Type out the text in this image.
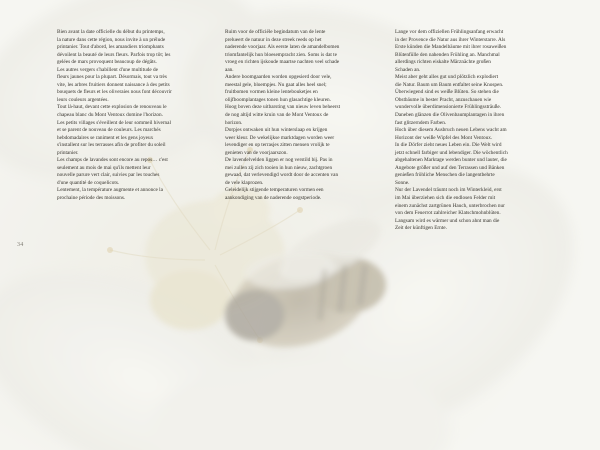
34

Bien avant la date officielle du début du printemps,

la nature dans cette région, nous invite à un prélude

printanier. Tout d'abord, les amandiers triomphants

dévoilent la beauté de leurs fleurs. Parfois trop tôt; les

gelées de mars provoquent beaucoup de dégâts.

Les autres vergers s'habillent d'une multitude de

fleurs jaunes pour la plupart. Désormais, tout va très

vite, les arbres fruitiers donnent naissance à des petits

bouquets de fleurs et les oliveraies nous font découvrir

leurs couleurs argentées.

Tout là-haut, devant cette explosion de renouveau le

chapeau blanc du Mont Ventoux domine l'horizon.

Les petits villages s'éveillent de leur sommeil hivernal

et se parent de nouveau de couleurs. Les marchés

hebdomadaires se raniment et les gens joyeux

s'installent sur les terrasses afin de profiter du soleil

printanier.

Les champs de lavandes sont encore au repos… c'est

seulement au mois de mai qu'ils mettent leur

nouvelle parure vert clair, suivies par les touches

d'une quantité de coquelicots.

Lentement, la température augmente et annonce la

prochaine période des moissons.

Ruim voor de officiële begindatum van de lente

prelueert de natuur in deze streek reeds op het

naderende voorjaar. Als eerste laten de amandelbomen

triomfantelijk hun bloesempracht zien. Soms is dat te

vroeg en richten ijskoude maartse nachten veel schade

aan.

Andere boomgaarden worden opgesierd door vele,

meestal gele, bloempjes. Nu gaat alles heel snel;

fruitbomen vormen kleine lentebouketjes en

olijfboomplantages tonen hun glasachtige kleuren.

Hoog boven deze uitbarsting van nieuw leven beheerst

de nog altijd witte kruin van de Mont Ventoux de

horizon.

Dorpjes ontwaken uit hun winterslaap en krijgen

weer kleur. De wekelijkse marktdagen worden weer

levendiger en op terrasjes zitten mensen vrolijk te

genieten van de voorjaarszon.

De lavendelvelden liggen er nog verstild bij. Pas in

mei zullen zij zich tooien in hun nieuw, zachtgroen

gewaad, dat verlevendigd wordt door de accenten van

de vele klaprozen.

Geleidelijk stijgende temperaturen vormen een

aankondiging van de naderende oogstperiode.

Lange vor dem offiziellen Frühlingsanfang erwacht

in der Provence die Natur aus ihrer Winterstarre. Als

Erste künden die Mandelbäume mit ihrer rosaweißen

Blütenfülle den nahenden Frühling an. Manchmal

allerdings richten eiskalte Märznächte großen

Schaden an.

Meist aber geht alles gut und plötzlich explodiert

die Natur. Baum um Baum entfaltet seine Knospen.

Überwiegend sind es weiße Blüten. So stehen die

Obstbäume in bester Pracht, anzuschauen wie

wundervolle überdimensionierte Frühlingssträuße.

Daneben glänzen die Olivenbaumplantagen in ihren

fast glitzerndem Farben.

Hoch über diesem Ausbruch neuen Lebens wacht am

Horizont der weiße Wipfel des Mont Ventoux.

In die Dörfer zieht neues Leben ein. Die Welt wird

jetzt schnell farbiger und lebendiger. Die wöchentlich

abgehaltenen Marktage werden bunter und lauter, die

Angebote größer und auf den Terrassen und Bänken

genießen fröhliche Menschen die langentbehrte

Sonne.

Nur der Lavendel träumt noch im Winterkleid, erst

im Mai überziehen sich die endlosen Felder mit

einem zunächst zartgrünen Hauch, unterbrochen nur

von dem Feuerrot zahlreicher Klatschmohnblüten.

Langsam wird es wärmer und schon ahnt man die

Zeit der künftigen Ernte.
